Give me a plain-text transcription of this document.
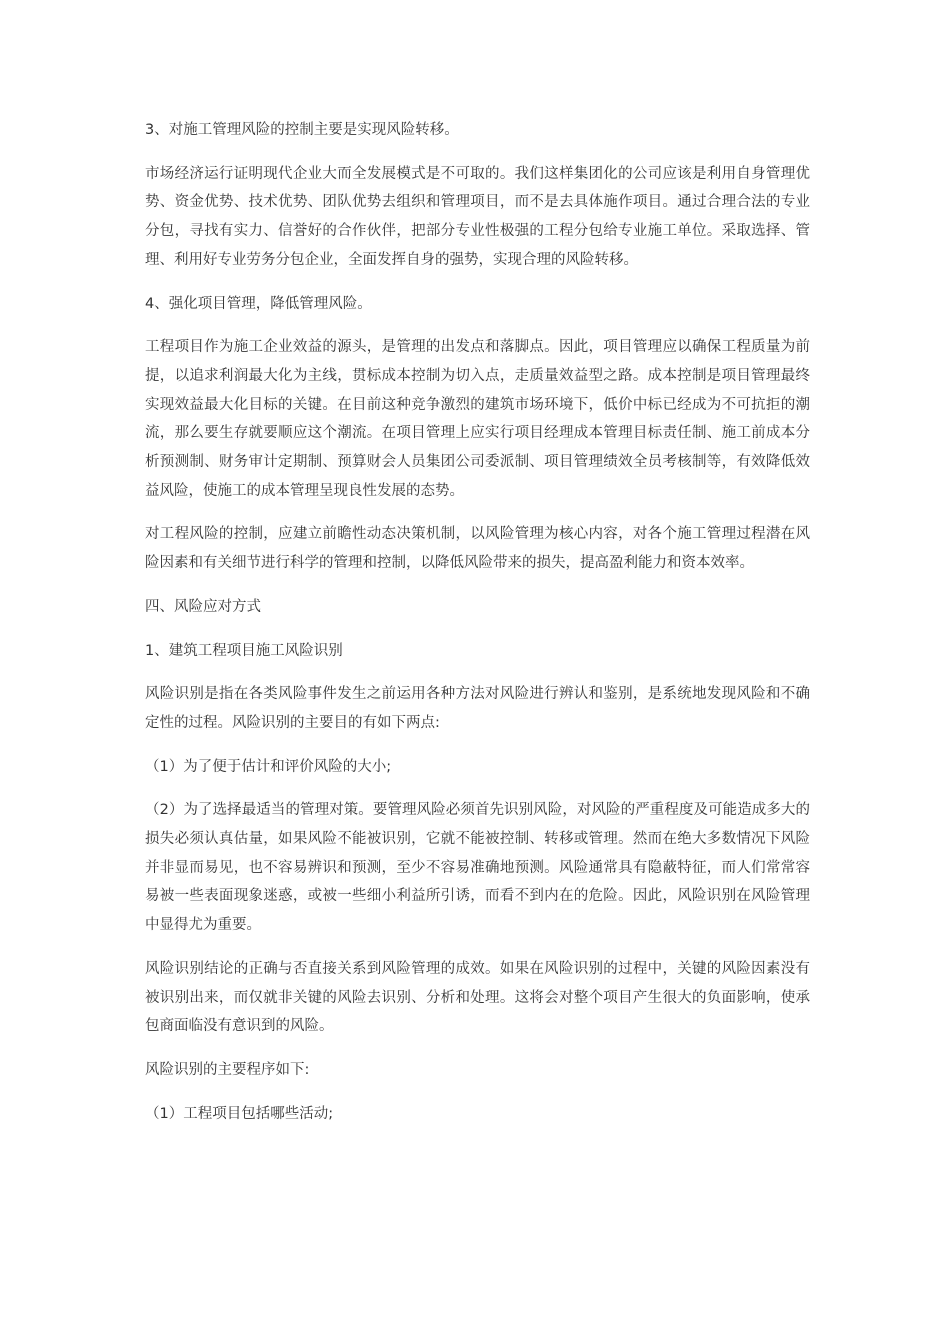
3、对施工管理风险的控制主要是实现风险转移。

市场经济运行证明现代企业大而全发展模式是不可取的。我们这样集团化的公司应该是利用自身管理优势、资金优势、技术优势、团队优势去组织和管理项目，而不是去具体施作项目。通过合理合法的专业分包，寻找有实力、信誉好的合作伙伴，把部分专业性极强的工程分包给专业施工单位。采取选择、管理、利用好专业劳务分包企业，全面发挥自身的强势，实现合理的风险转移。

4、强化项目管理，降低管理风险。

工程项目作为施工企业效益的源头，是管理的出发点和落脚点。因此，项目管理应以确保工程质量为前提，以追求利润最大化为主线，贯标成本控制为切入点，走质量效益型之路。成本控制是项目管理最终实现效益最大化目标的关键。在目前这种竞争激烈的建筑市场环境下，低价中标已经成为不可抗拒的潮流，那么要生存就要顺应这个潮流。在项目管理上应实行项目经理成本管理目标责任制、施工前成本分析预测制、财务审计定期制、预算财会人员集团公司委派制、项目管理绩效全员考核制等，有效降低效益风险，使施工的成本管理呈现良性发展的态势。

对工程风险的控制，应建立前瞻性动态决策机制，以风险管理为核心内容，对各个施工管理过程潜在风险因素和有关细节进行科学的管理和控制，以降低风险带来的损失，提高盈利能力和资本效率。

四、风险应对方式

1、建筑工程项目施工风险识别

风险识别是指在各类风险事件发生之前运用各种方法对风险进行辨认和鉴别，是系统地发现风险和不确定性的过程。风险识别的主要目的有如下两点:

（1）为了便于估计和评价风险的大小;

（2）为了选择最适当的管理对策。要管理风险必须首先识别风险，对风险的严重程度及可能造成多大的损失必须认真估量，如果风险不能被识别，它就不能被控制、转移或管理。然而在绝大多数情况下风险并非显而易见，也不容易辨识和预测，至少不容易准确地预测。风险通常具有隐蔽特征，而人们常常容易被一些表面现象迷惑，或被一些细小利益所引诱，而看不到内在的危险。因此，风险识别在风险管理中显得尤为重要。

风险识别结论的正确与否直接关系到风险管理的成效。如果在风险识别的过程中，关键的风险因素没有被识别出来，而仅就非关键的风险去识别、分析和处理。这将会对整个项目产生很大的负面影响，使承包商面临没有意识到的风险。

风险识别的主要程序如下:

（1）工程项目包括哪些活动;
